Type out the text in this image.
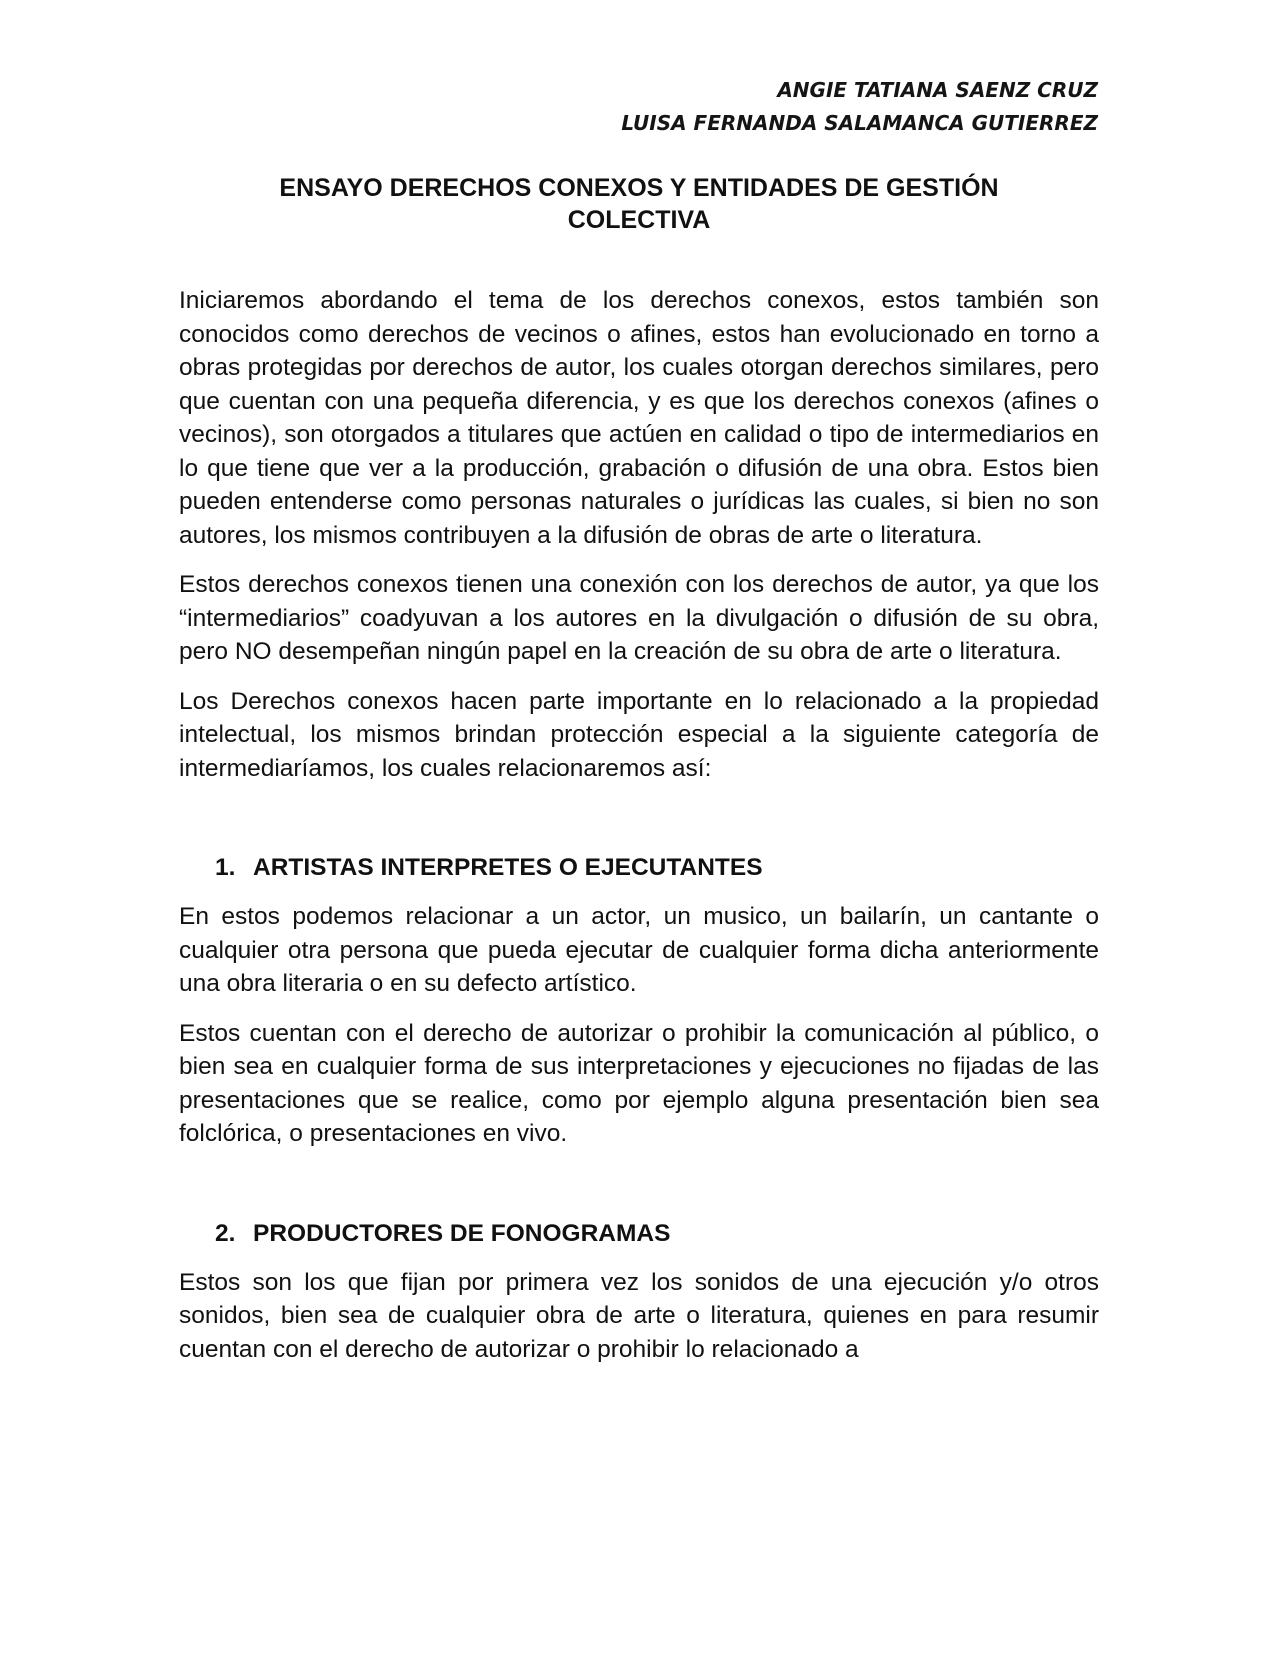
ANGIE TATIANA SAENZ CRUZ
LUISA FERNANDA SALAMANCA GUTIERREZ
ENSAYO DERECHOS CONEXOS Y ENTIDADES DE GESTIÓN COLECTIVA

Iniciaremos abordando el tema de los derechos conexos, estos también son conocidos como derechos de vecinos o afines, estos han evolucionado en torno a obras protegidas por derechos de autor, los cuales otorgan derechos similares, pero que cuentan con una pequeña diferencia, y es que los derechos conexos (afines o vecinos), son otorgados a titulares que actúen en calidad o tipo de intermediarios en lo que tiene que ver a la producción, grabación o difusión de una obra. Estos bien pueden entenderse como personas naturales o jurídicas las cuales, si bien no son autores, los mismos contribuyen a la difusión de obras de arte o literatura.

Estos derechos conexos tienen una conexión con los derechos de autor, ya que los “intermediarios” coadyuvan a los autores en la divulgación o difusión de su obra, pero NO desempeñan ningún papel en la creación de su obra de arte o literatura.

Los Derechos conexos hacen parte importante en lo relacionado a la propiedad intelectual, los mismos brindan protección especial a la siguiente categoría de intermediaríamos, los cuales relacionaremos así:

1. ARTISTAS INTERPRETES O EJECUTANTES

En estos podemos relacionar a un actor, un musico, un bailarín, un cantante o cualquier otra persona que pueda ejecutar de cualquier forma dicha anteriormente una obra literaria o en su defecto artístico.

Estos cuentan con el derecho de autorizar o prohibir la comunicación al público, o bien sea en cualquier forma de sus interpretaciones y ejecuciones no fijadas de las presentaciones que se realice, como por ejemplo alguna presentación bien sea folclórica, o presentaciones en vivo.

2. PRODUCTORES DE FONOGRAMAS

Estos son los que fijan por primera vez los sonidos de una ejecución y/o otros sonidos, bien sea de cualquier obra de arte o literatura, quienes en para resumir cuentan con el derecho de autorizar o prohibir lo relacionado a
